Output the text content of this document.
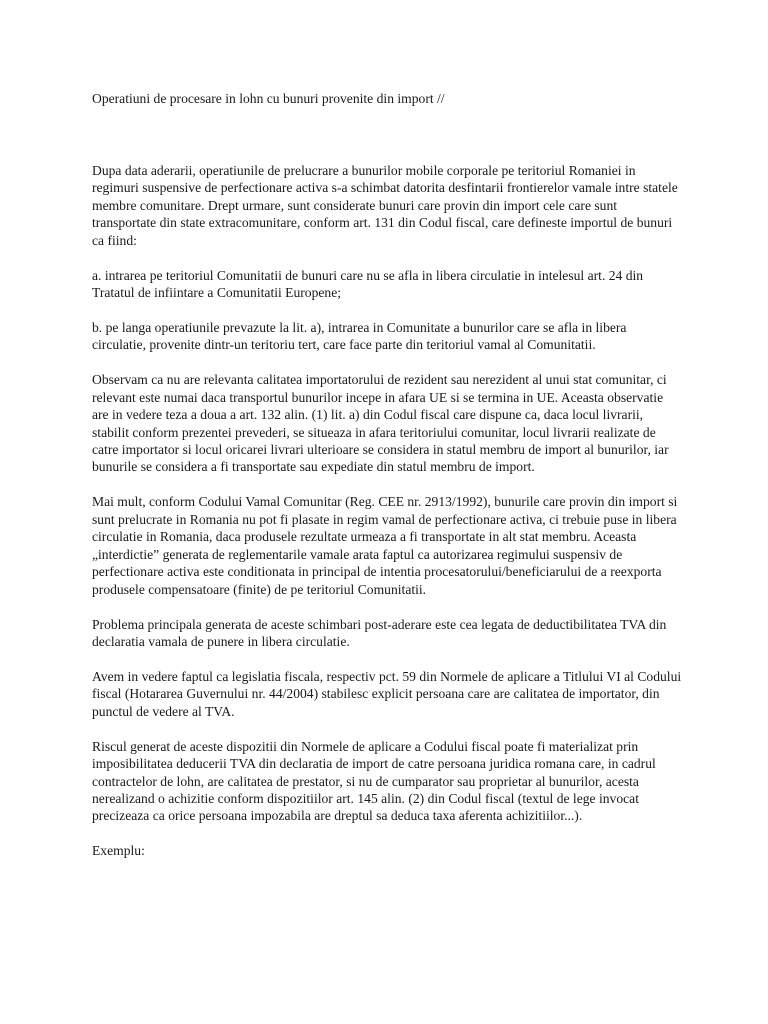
Operatiuni de procesare in lohn cu bunuri provenite din import //

Dupa data aderarii, operatiunile de prelucrare a bunurilor mobile corporale pe teritoriul Romaniei in regimuri suspensive de perfectionare activa s-a schimbat datorita desfintarii frontierelor vamale intre statele membre comunitare. Drept urmare, sunt considerate bunuri care provin din import cele care sunt transportate din state extracomunitare, conform art. 131 din Codul fiscal, care defineste importul de bunuri ca fiind:

a. intrarea pe teritoriul Comunitatii de bunuri care nu se afla in libera circulatie in intelesul art. 24 din Tratatul de infiintare a Comunitatii Europene;

b. pe langa operatiunile prevazute la lit. a), intrarea in Comunitate a bunurilor care se afla in libera circulatie, provenite dintr-un teritoriu tert, care face parte din teritoriul vamal al Comunitatii.

Observam ca nu are relevanta calitatea importatorului de rezident sau nerezident al unui stat comunitar, ci relevant este numai daca transportul bunurilor incepe in afara UE si se termina in UE. Aceasta observatie are in vedere teza a doua a art. 132 alin. (1) lit. a) din Codul fiscal care dispune ca, daca locul livrarii, stabilit conform prezentei prevederi, se situeaza in afara teritoriului comunitar, locul livrarii realizate de catre importator si locul oricarei livrari ulterioare se considera in statul membru de import al bunurilor, iar bunurile se considera a fi transportate sau expediate din statul membru de import.

Mai mult, conform Codului Vamal Comunitar (Reg. CEE nr. 2913/1992), bunurile care provin din import si sunt prelucrate in Romania nu pot fi plasate in regim vamal de perfectionare activa, ci trebuie puse in libera circulatie in Romania, daca produsele rezultate urmeaza a fi transportate in alt stat membru. Aceasta „interdictie” generata de reglementarile vamale arata faptul ca autorizarea regimului suspensiv de perfectionare activa este conditionata in principal de intentia procesatorului/beneficiarului de a reexporta produsele compensatoare (finite) de pe teritoriul Comunitatii.

Problema principala generata de aceste schimbari post-aderare este cea legata de deductibilitatea TVA din declaratia vamala de punere in libera circulatie.

Avem in vedere faptul ca legislatia fiscala, respectiv pct. 59 din Normele de aplicare a Titlului VI al Codului fiscal (Hotararea Guvernului nr. 44/2004) stabilesc explicit persoana care are calitatea de importator, din punctul de vedere al TVA.

Riscul generat de aceste dispozitii din Normele de aplicare a Codului fiscal poate fi materializat prin imposibilitatea deducerii TVA din declaratia de import de catre persoana juridica romana care, in cadrul contractelor de lohn, are calitatea de prestator, si nu de cumparator sau proprietar al bunurilor, acesta nerealizand o achizitie conform dispozitiilor art. 145 alin. (2) din Codul fiscal (textul de lege invocat precizeaza ca orice persoana impozabila are dreptul sa deduca taxa aferenta achizitiilor...).

Exemplu:
